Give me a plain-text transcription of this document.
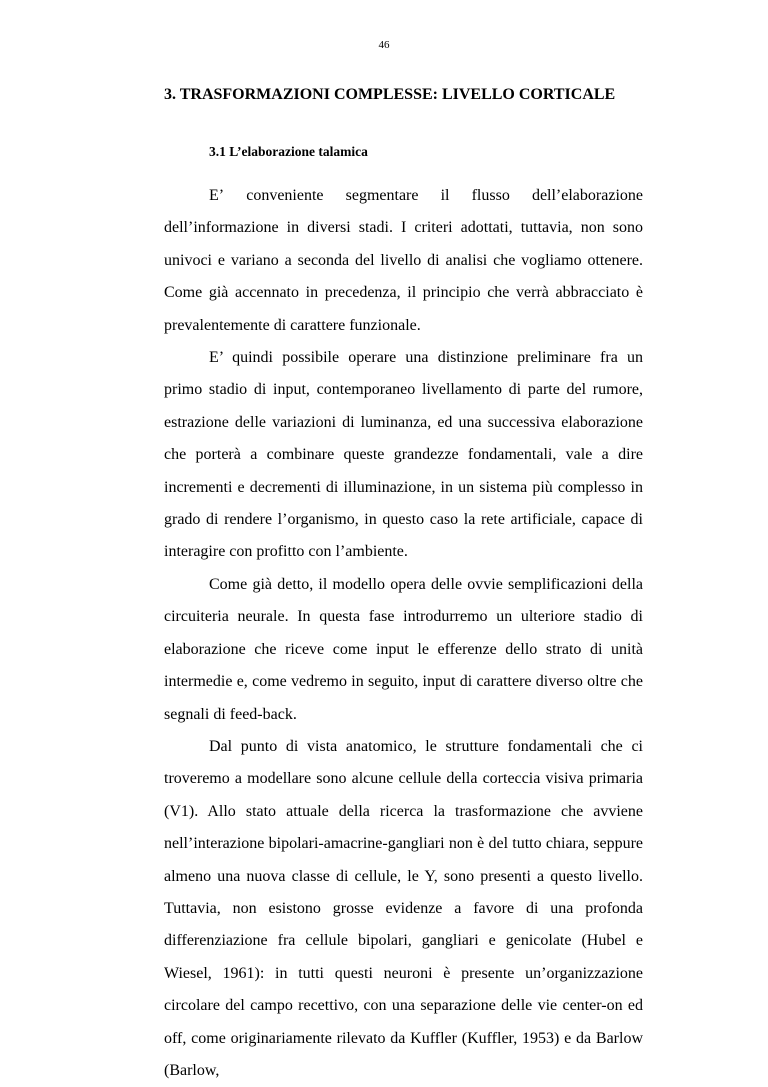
46
3. TRASFORMAZIONI COMPLESSE: LIVELLO CORTICALE
3.1 L’elaborazione talamica

E’ conveniente segmentare il flusso dell’elaborazione

dell’informazione in diversi stadi. I criteri adottati, tuttavia, non sono univoci e variano a seconda del livello di analisi che vogliamo ottenere. Come già accennato in precedenza, il principio che verrà abbracciato è prevalentemente di carattere funzionale.

E’ quindi possibile operare una distinzione preliminare fra un primo stadio di input, contemporaneo livellamento di parte del rumore, estrazione delle variazioni di luminanza, ed una successiva elaborazione che porterà a combinare queste grandezze fondamentali, vale a dire incrementi e decrementi di illuminazione, in un sistema più complesso in grado di rendere l’organismo, in questo caso la rete artificiale, capace di interagire con profitto con l’ambiente.

Come già detto, il modello opera delle ovvie semplificazioni della circuiteria neurale. In questa fase introdurremo un ulteriore stadio di elaborazione che riceve come input le efferenze dello strato di unità intermedie e, come vedremo in seguito, input di carattere diverso oltre che segnali di feed-back.

Dal punto di vista anatomico, le strutture fondamentali che ci troveremo a modellare sono alcune cellule della corteccia visiva primaria (V1). Allo stato attuale della ricerca la trasformazione che avviene nell’interazione bipolari-amacrine-gangliari non è del tutto chiara, seppure almeno una nuova classe di cellule, le Y, sono presenti a questo livello. Tuttavia, non esistono grosse evidenze a favore di una profonda differenziazione fra cellule bipolari, gangliari e genicolate (Hubel e Wiesel, 1961): in tutti questi neuroni è presente un’organizzazione circolare del campo recettivo, con una separazione delle vie center-on ed off, come originariamente rilevato da Kuffler (Kuffler, 1953) e da Barlow (Barlow,
